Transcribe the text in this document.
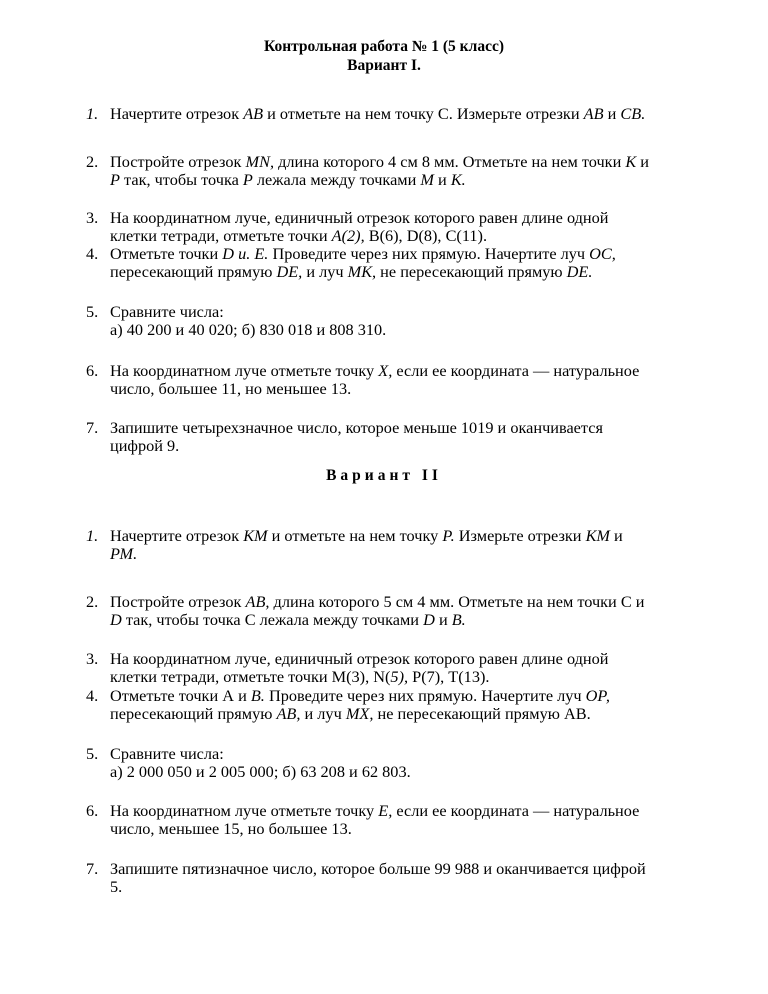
Контрольная работа № 1 (5 класс)
Вариант I.
1. Начертите отрезок AB и отметьте на нем точку С. Измерьте отрезки АВ и СВ.
2. Постройте отрезок MN, длина которого 4 см 8 мм. Отметьте на нем точки К и
Р так, чтобы точка Р лежала между точками М и К.
3. На координатном луче, единичный отрезок которого равен длине одной
клетки тетради, отметьте точки А(2), B(6), D(8), C(11).
4. Отметьте точки D и. Е. Проведите через них прямую. Начертите луч ОС,
пересекающий прямую DE, и луч МК, не пересекающий прямую DE.
5. Сравните числа:
а) 40 200 и 40 020; б) 830 018 и 808 310.
6. На координатном луче отметьте точку X, если ее координата — натуральное
число, большее 11, но меньшее 13.
7. Запишите четырехзначное число, которое меньше 1019 и оканчивается
цифрой 9.
Вариант II
1. Начертите отрезок КМ и отметьте на нем точку Р. Измерьте отрезки КМ и
РМ.
2. Постройте отрезок АВ, длина которого 5 см 4 мм. Отметьте на нем точки С и
D так, чтобы точка С лежала между точками D и В.
3. На координатном луче, единичный отрезок которого равен длине одной
клетки тетради, отметьте точки M(3), N(5), Р(7), Т(13).
4. Отметьте точки А и В. Проведите через них прямую. Начертите луч ОР,
пересекающий прямую АВ, и луч МХ, не пересекающий прямую АВ.
5. Сравните числа:
а) 2 000 050 и 2 005 000; б) 63 208 и 62 803.
6. На координатном луче отметьте точку Е, если ее координата — натуральное
число, меньшее 15, но большее 13.
7. Запишите пятизначное число, которое больше 99 988 и оканчивается цифрой
5.
